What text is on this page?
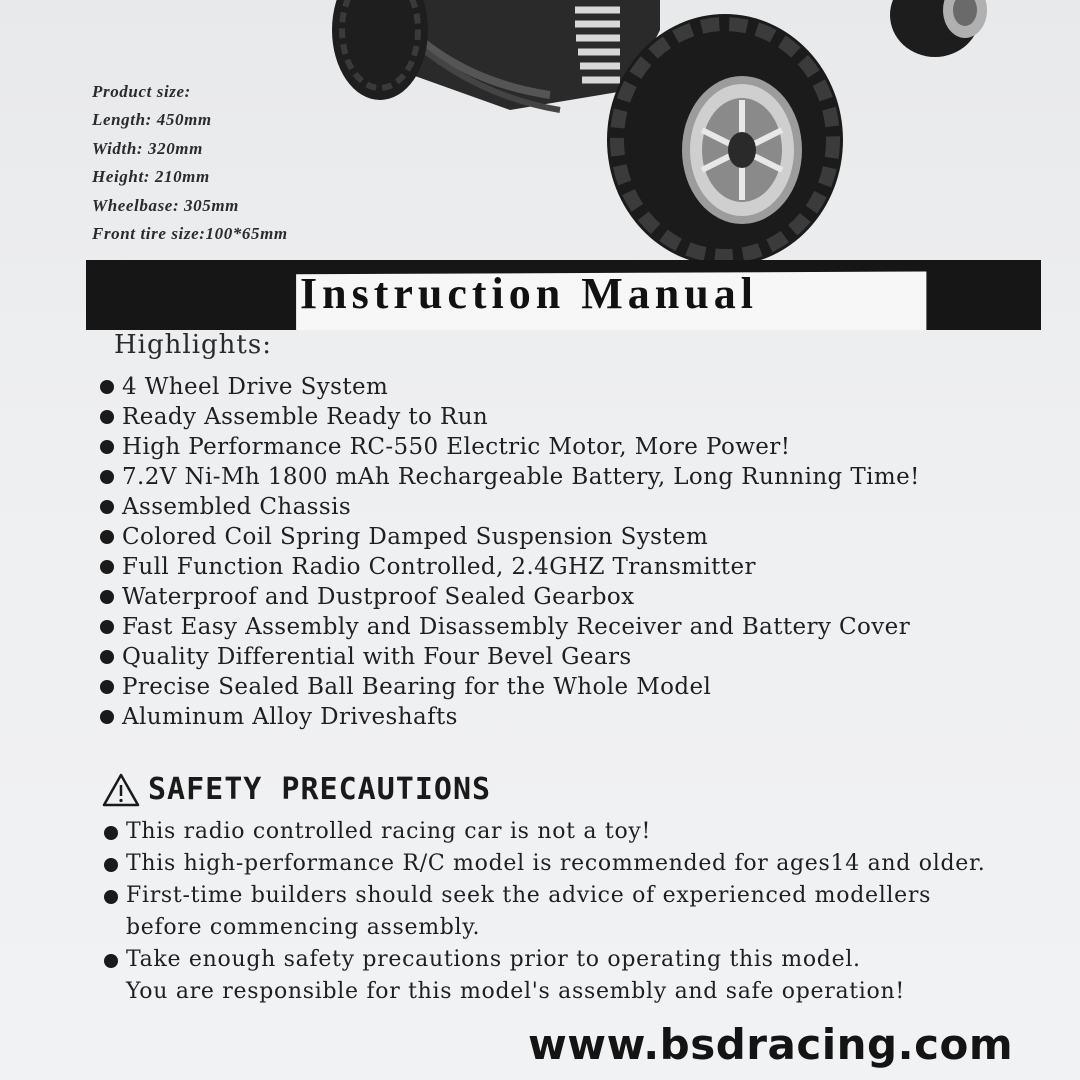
Product size:
Length: 450mm
Width: 320mm
Height: 210mm
Wheelbase: 305mm
Front tire size:100*65mm
Instruction Manual
Highlights:
4 Wheel Drive System
Ready Assemble Ready to Run
High Performance RC-550 Electric Motor, More Power!
7.2V Ni-Mh 1800 mAh Rechargeable Battery, Long Running Time!
Assembled Chassis
Colored Coil Spring Damped Suspension System
Full Function Radio Controlled, 2.4GHZ Transmitter
Waterproof and Dustproof Sealed Gearbox
Fast Easy Assembly and Disassembly Receiver and Battery Cover
Quality Differential with Four Bevel Gears
Precise Sealed Ball Bearing for the Whole Model
Aluminum Alloy Driveshafts
SAFETY PRECAUTIONS
This radio controlled racing car is not a toy!
This high-performance R/C model is recommended for ages14 and older.
First-time builders should seek the advice of experienced modellers
before commencing assembly.
Take enough safety precautions prior to operating this model.
You are responsible for this model's assembly and safe operation!
www.bsdracing.com
